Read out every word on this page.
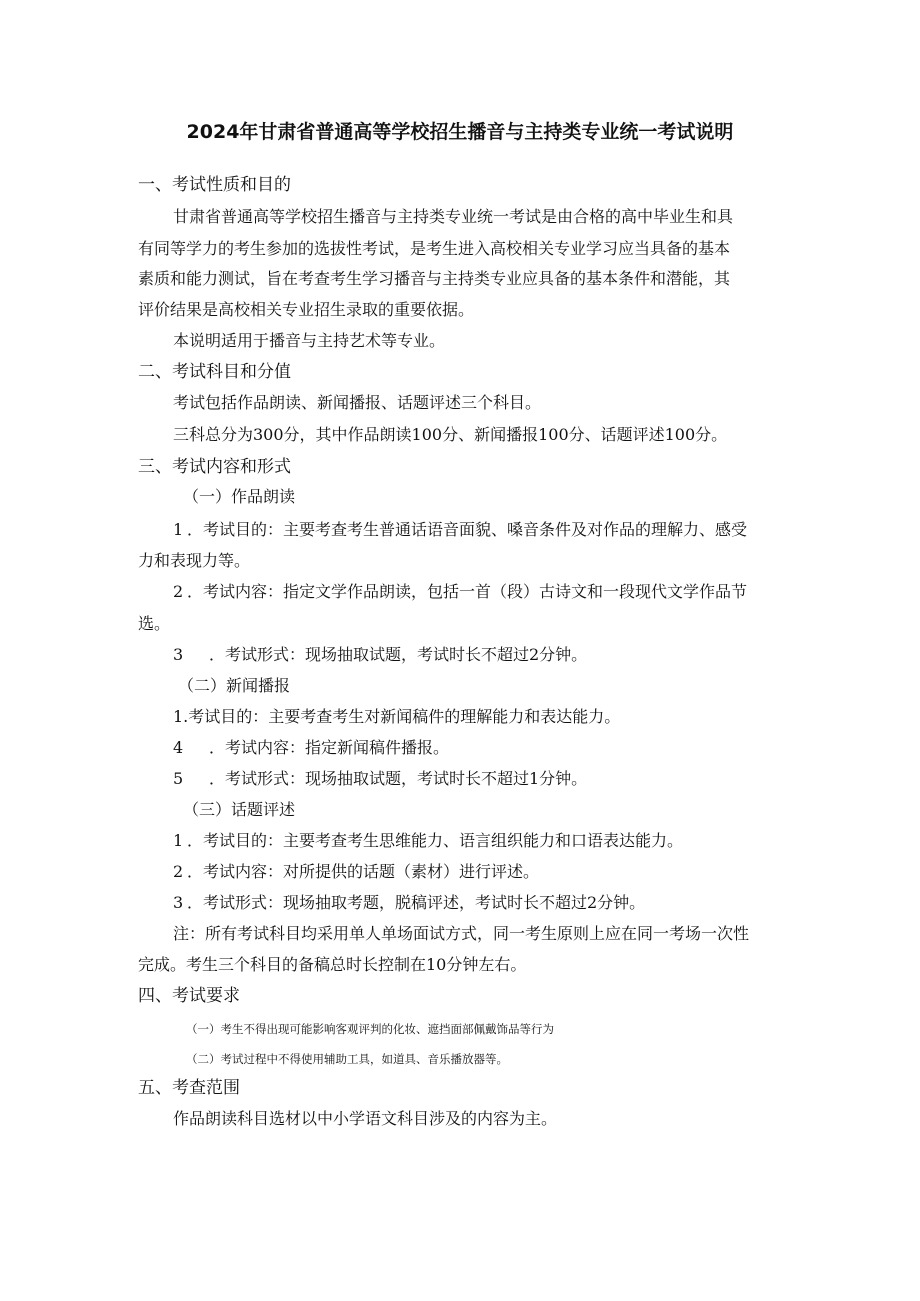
2024年甘肃省普通高等学校招生播音与主持类专业统一考试说明
一、考试性质和目的
甘肃省普通高等学校招生播音与主持类专业统一考试是由合格的高中毕业生和具
有同等学力的考生参加的选拔性考试，是考生进入高校相关专业学习应当具备的基本
素质和能力测试，旨在考查考生学习播音与主持类专业应具备的基本条件和潜能，其
评价结果是高校相关专业招生录取的重要依据。
本说明适用于播音与主持艺术等专业。
二、考试科目和分值
考试包括作品朗读、新闻播报、话题评述三个科目。
三科总分为300分，其中作品朗读100分、新闻播报100分、话题评述100分。
三、考试内容和形式
（一）作品朗读
1 ．考试目的：主要考查考生普通话语音面貌、嗓音条件及对作品的理解力、感受
力和表现力等。
2 ．考试内容：指定文学作品朗读，包括一首（段）古诗文和一段现代文学作品节
选。
3 ．考试形式：现场抽取试题，考试时长不超过2分钟。
（二）新闻播报
1.考试目的：主要考查考生对新闻稿件的理解能力和表达能力。
4 ．考试内容：指定新闻稿件播报。
5 ．考试形式：现场抽取试题，考试时长不超过1分钟。
（三）话题评述
1 ．考试目的：主要考查考生思维能力、语言组织能力和口语表达能力。
2 ．考试内容：对所提供的话题（素材）进行评述。
3 ．考试形式：现场抽取考题，脱稿评述，考试时长不超过2分钟。
注：所有考试科目均采用单人单场面试方式，同一考生原则上应在同一考场一次性
完成。考生三个科目的备稿总时长控制在10分钟左右。
四、考试要求
（一）考生不得出现可能影响客观评判的化妆、遮挡面部佩戴饰品等行为
（二）考试过程中不得使用辅助工具，如道具、音乐播放器等。
五、考查范围
作品朗读科目选材以中小学语文科目涉及的内容为主。
